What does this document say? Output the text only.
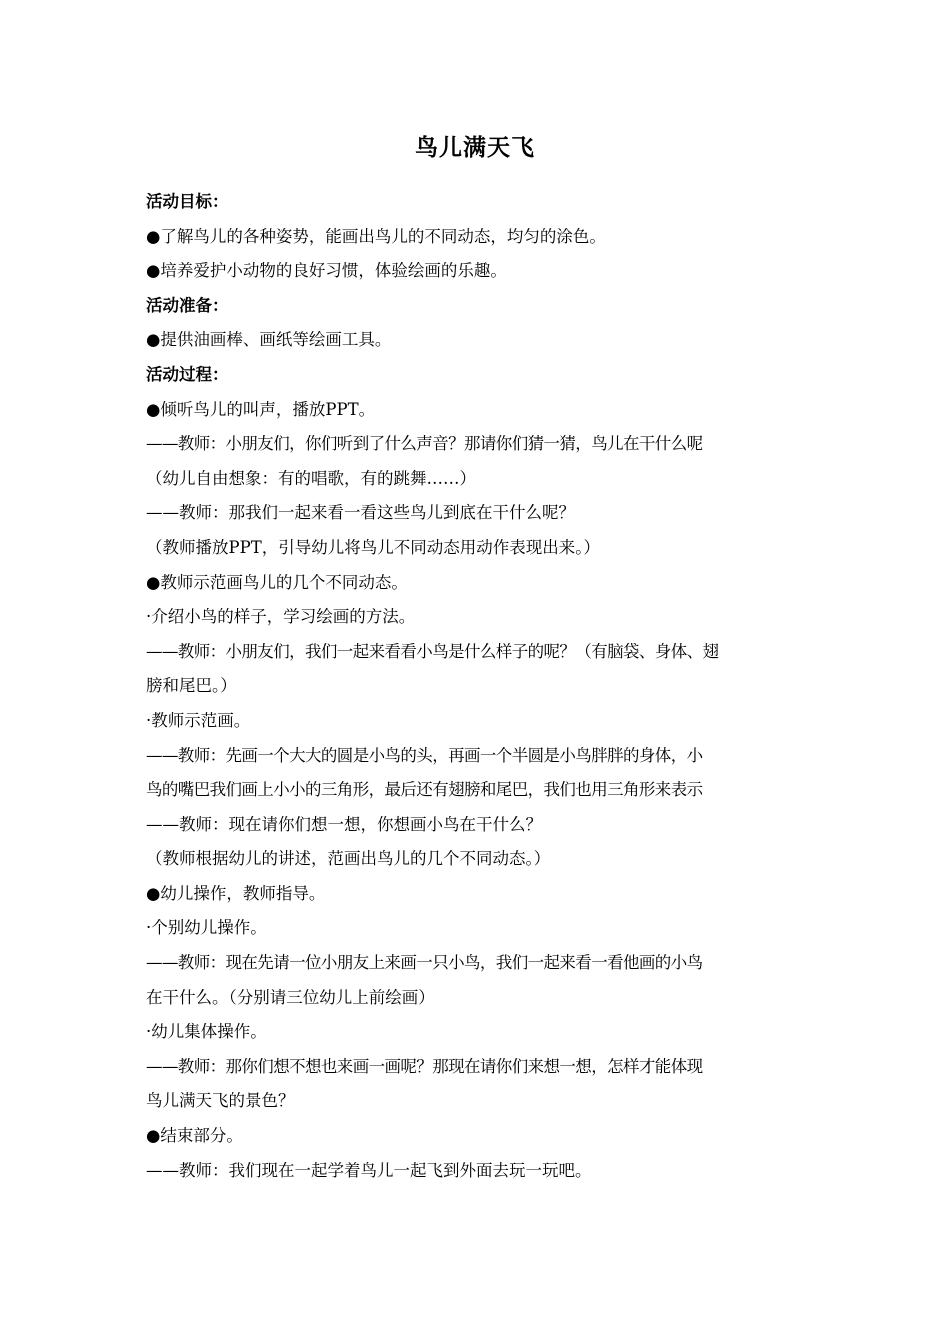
鸟儿满天飞
活动目标：
●了解鸟儿的各种姿势，能画出鸟儿的不同动态，均匀的涂色。
●培养爱护小动物的良好习惯，体验绘画的乐趣。
活动准备：
●提供油画棒、画纸等绘画工具。
活动过程：
●倾听鸟儿的叫声，播放PPT。
——教师：小朋友们，你们听到了什么声音？那请你们猜一猜，鸟儿在干什么呢
（幼儿自由想象：有的唱歌，有的跳舞……）
——教师：那我们一起来看一看这些鸟儿到底在干什么呢？
（教师播放PPT，引导幼儿将鸟儿不同动态用动作表现出来。）
●教师示范画鸟儿的几个不同动态。
·介绍小鸟的样子，学习绘画的方法。
——教师：小朋友们，我们一起来看看小鸟是什么样子的呢？（有脑袋、身体、翅
膀和尾巴。）
·教师示范画。
——教师：先画一个大大的圆是小鸟的头，再画一个半圆是小鸟胖胖的身体，小
鸟的嘴巴我们画上小小的三角形，最后还有翅膀和尾巴，我们也用三角形来表示
——教师：现在请你们想一想，你想画小鸟在干什么？
（教师根据幼儿的讲述，范画出鸟儿的几个不同动态。）
●幼儿操作，教师指导。
·个别幼儿操作。
——教师：现在先请一位小朋友上来画一只小鸟，我们一起来看一看他画的小鸟
在干什么。（分别请三位幼儿上前绘画）
·幼儿集体操作。
——教师：那你们想不想也来画一画呢？那现在请你们来想一想，怎样才能体现
鸟儿满天飞的景色？
●结束部分。
——教师：我们现在一起学着鸟儿一起飞到外面去玩一玩吧。
